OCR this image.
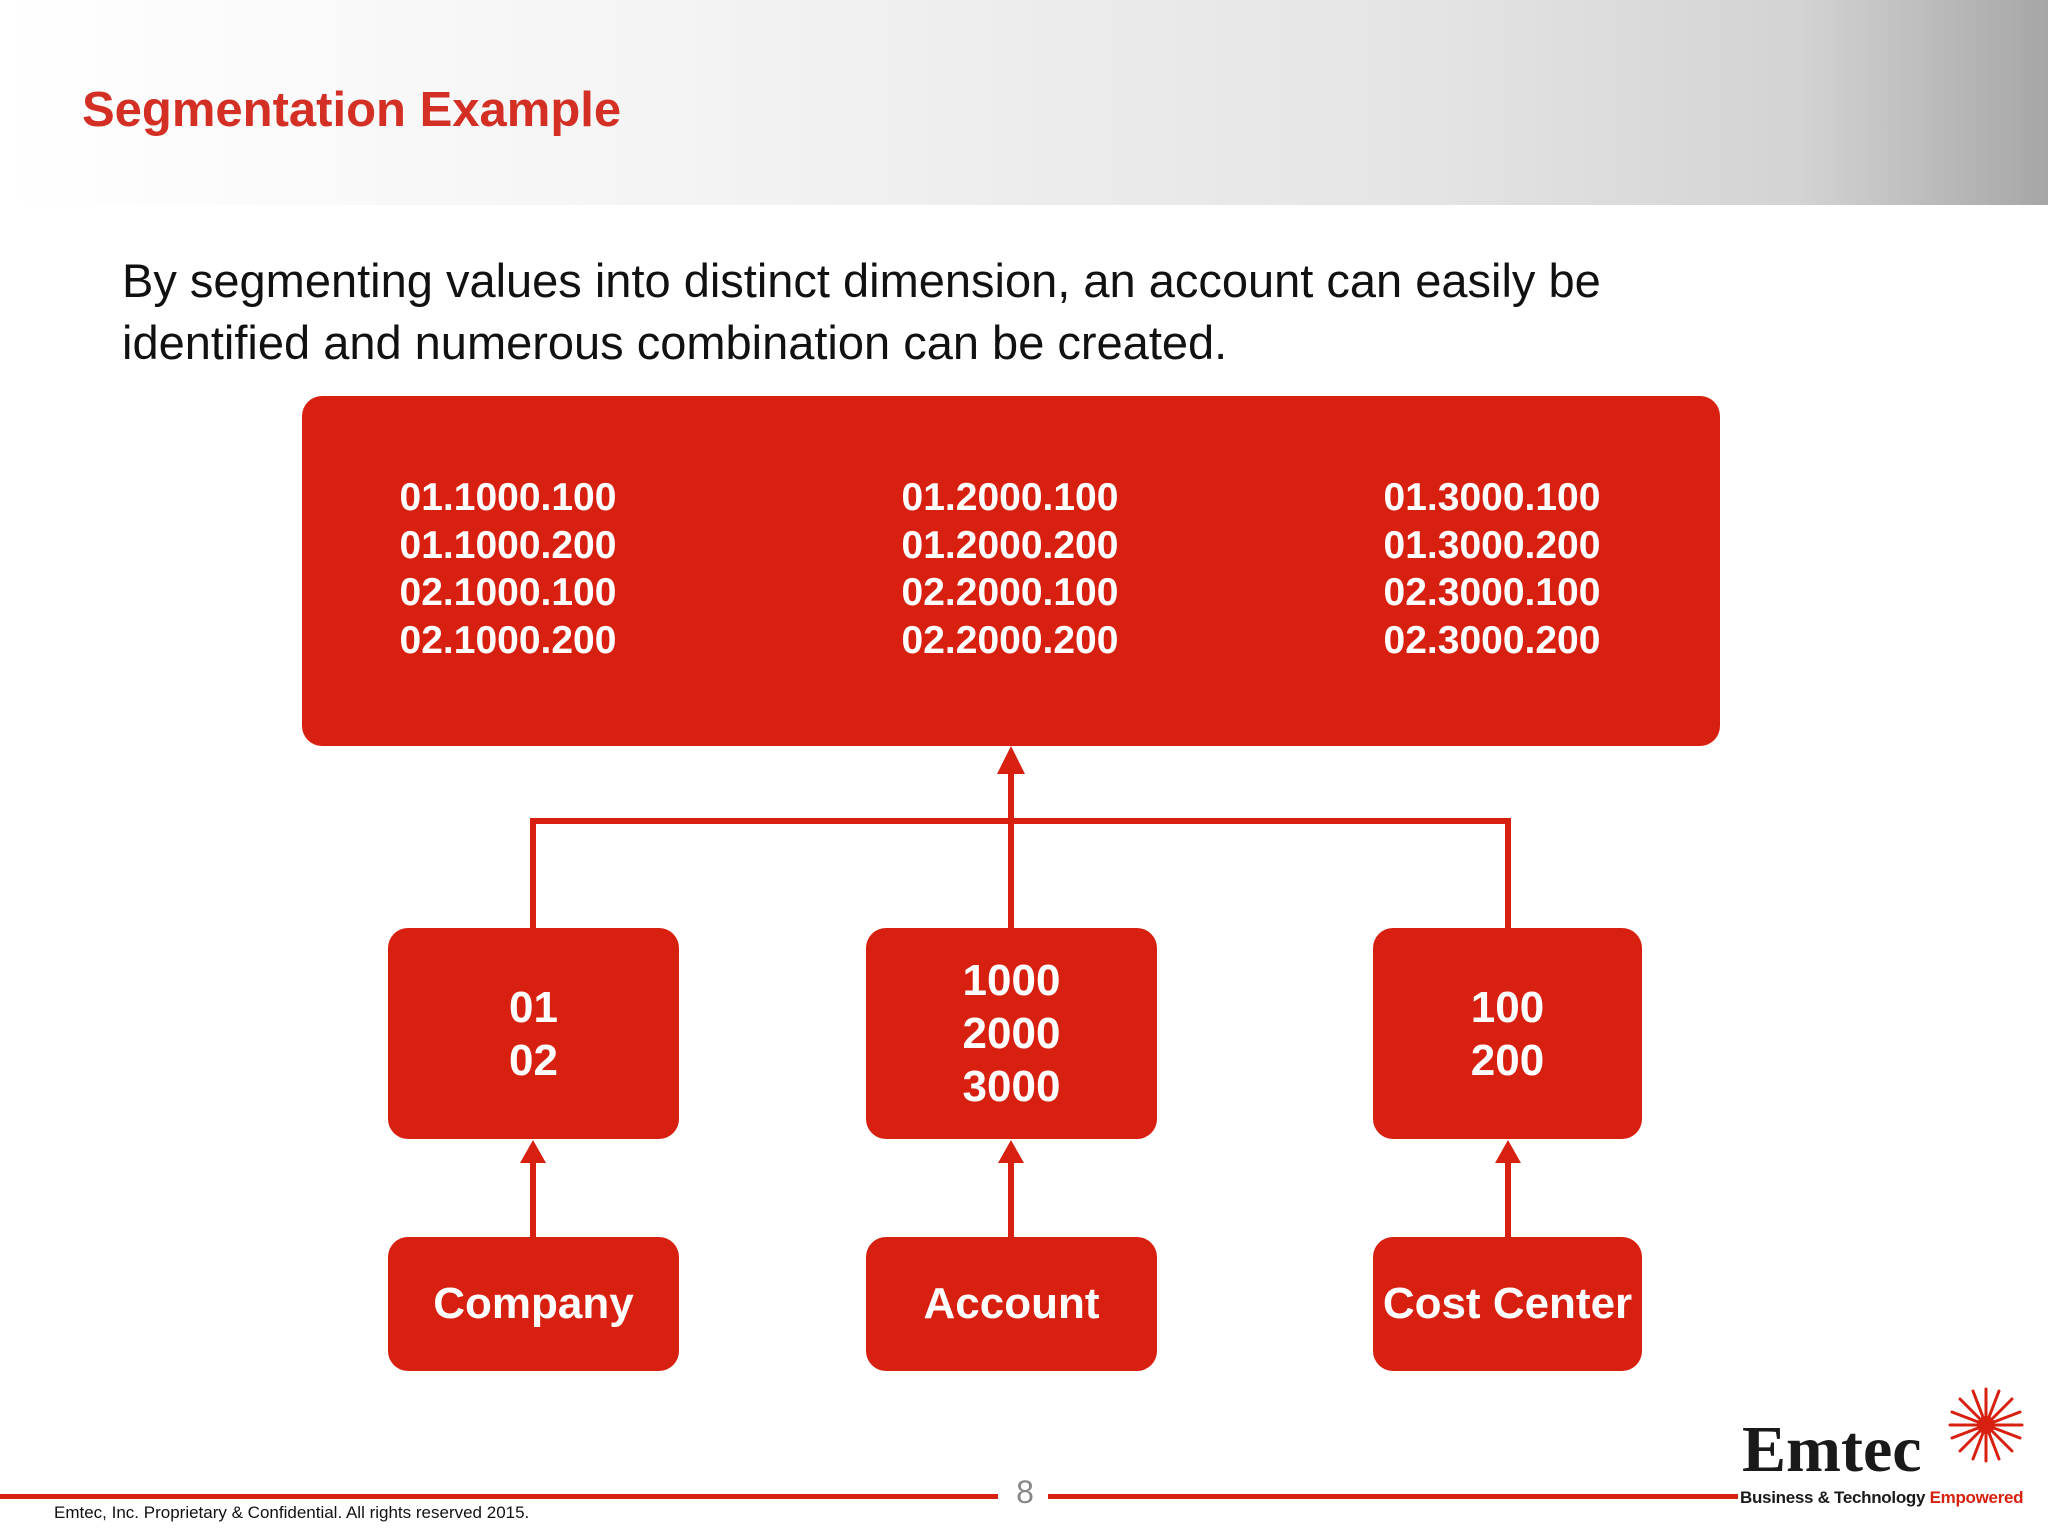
Segmentation Example
By segmenting values into distinct dimension, an account can easily be
identified and numerous combination can be created.
01.1000.100
01.1000.200
02.1000.100
02.1000.200
01.2000.100
01.2000.200
02.2000.100
02.2000.200
01.3000.100
01.3000.200
02.3000.100
02.3000.200
01
02
1000
2000
3000
100
200
Company	Account	Cost Center
8
Emtec, Inc. Proprietary & Confidential. All rights reserved 2015.
Emtec
Business & Technology Empowered
